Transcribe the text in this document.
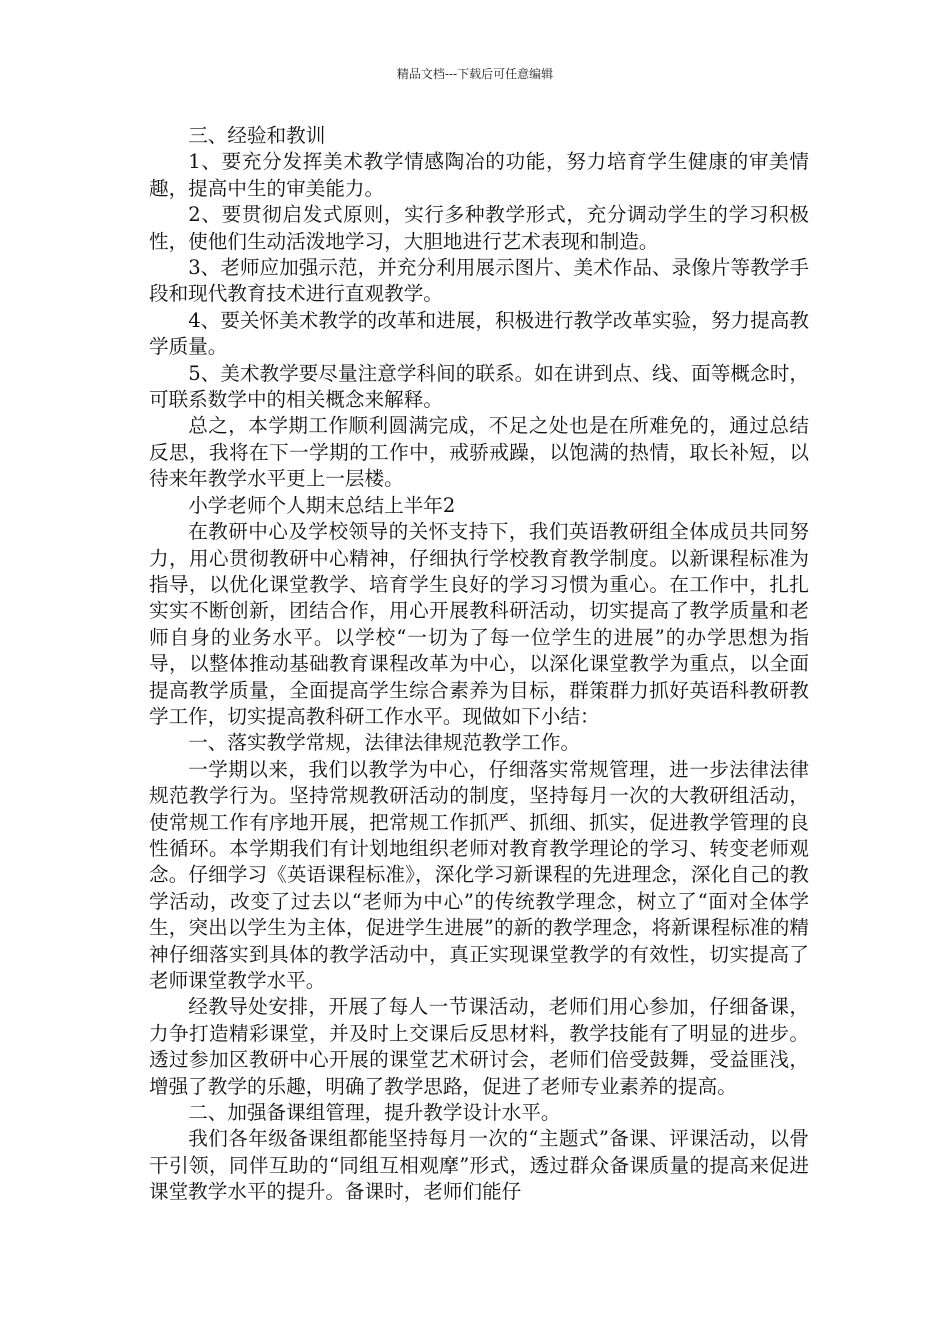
精品文档---下载后可任意编辑

三、经验和教训

1、要充分发挥美术教学情感陶冶的功能，努力培育学生健康的审美情趣，提高中生的审美能力。

2、要贯彻启发式原则，实行多种教学形式，充分调动学生的学习积极性，使他们生动活泼地学习，大胆地进行艺术表现和制造。

3、老师应加强示范，并充分利用展示图片、美术作品、录像片等教学手段和现代教育技术进行直观教学。

4、要关怀美术教学的改革和进展，积极进行教学改革实验，努力提高教学质量。

5、美术教学要尽量注意学科间的联系。如在讲到点、线、面等概念时，可联系数学中的相关概念来解释。

总之，本学期工作顺利圆满完成，不足之处也是在所难免的，通过总结反思，我将在下一学期的工作中，戒骄戒躁，以饱满的热情，取长补短，以待来年教学水平更上一层楼。

小学老师个人期末总结上半年2

在教研中心及学校领导的关怀支持下，我们英语教研组全体成员共同努力，用心贯彻教研中心精神，仔细执行学校教育教学制度。以新课程标准为指导，以优化课堂教学、培育学生良好的学习习惯为重心。在工作中，扎扎实实不断创新，团结合作，用心开展教科研活动，切实提高了教学质量和老师自身的业务水平。以学校“一切为了每一位学生的进展”的办学思想为指导，以整体推动基础教育课程改革为中心，以深化课堂教学为重点，以全面提高教学质量，全面提高学生综合素养为目标，群策群力抓好英语科教研教学工作，切实提高教科研工作水平。现做如下小结：

一、落实教学常规，法律法律规范教学工作。

一学期以来，我们以教学为中心，仔细落实常规管理，进一步法律法律规范教学行为。坚持常规教研活动的制度，坚持每月一次的大教研组活动，使常规工作有序地开展，把常规工作抓严、抓细、抓实，促进教学管理的良性循环。本学期我们有计划地组织老师对教育教学理论的学习、转变老师观念。仔细学习《英语课程标准》，深化学习新课程的先进理念，深化自己的教学活动，改变了过去以“老师为中心”的传统教学理念，树立了“面对全体学生，突出以学生为主体，促进学生进展”的新的教学理念，将新课程标准的精神仔细落实到具体的教学活动中，真正实现课堂教学的有效性，切实提高了老师课堂教学水平。

经教导处安排，开展了每人一节课活动，老师们用心参加，仔细备课，力争打造精彩课堂，并及时上交课后反思材料，教学技能有了明显的进步。透过参加区教研中心开展的课堂艺术研讨会，老师们倍受鼓舞，受益匪浅，增强了教学的乐趣，明确了教学思路，促进了老师专业素养的提高。

二、加强备课组管理，提升教学设计水平。

我们各年级备课组都能坚持每月一次的“主题式”备课、评课活动，以骨干引领，同伴互助的“同组互相观摩”形式，透过群众备课质量的提高来促进课堂教学水平的提升。备课时，老师们能仔
